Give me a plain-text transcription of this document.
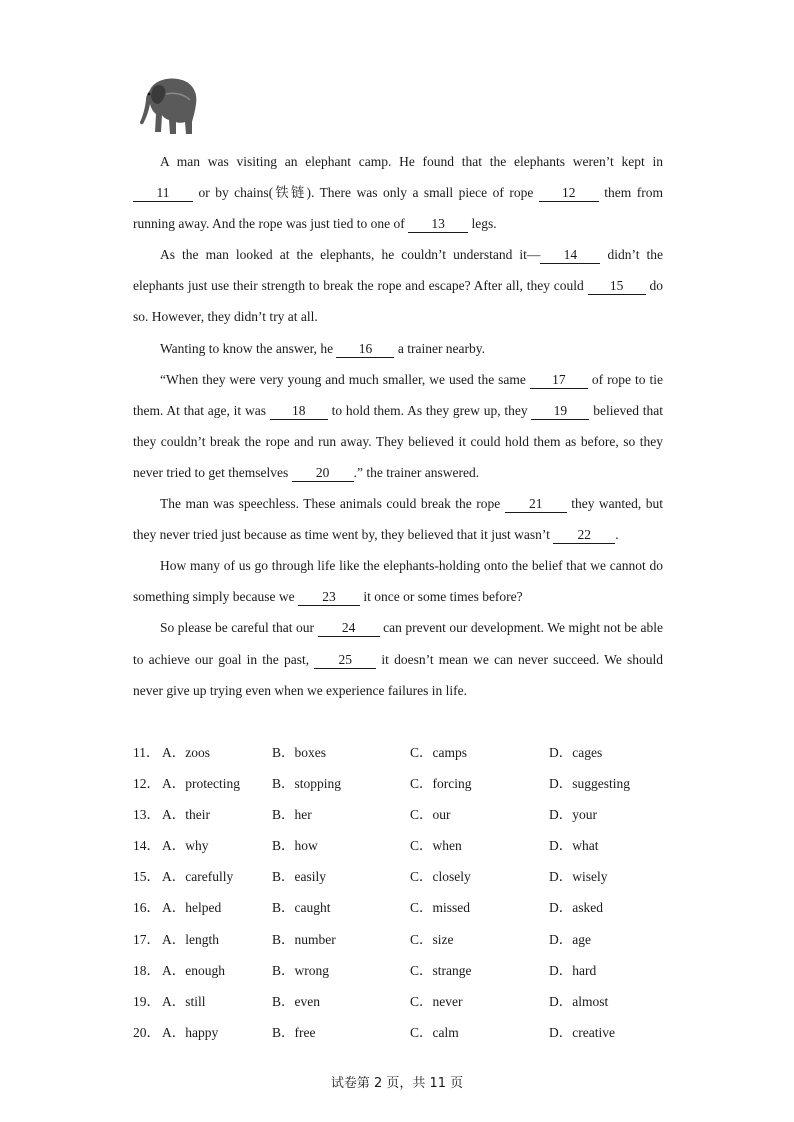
A man was visiting an elephant camp. He found that the elephants weren’t kept in 11 or by chains(铁链). There was only a small piece of rope 12 them from running away. And the rope was just tied to one of 13 legs.

As the man looked at the elephants, he couldn’t understand it— 14 didn’t the elephants just use their strength to break the rope and escape? After all, they could 15 do so. However, they didn’t try at all.

Wanting to know the answer, he 16 a trainer nearby.

“When they were very young and much smaller, we used the same 17 of rope to tie them. At that age, it was 18 to hold them. As they grew up, they 19 believed that they couldn’t break the rope and run away. They believed it could hold them as before, so they never tried to get themselves 20 .” the trainer answered.

The man was speechless. These animals could break the rope 21 they wanted, but they never tried just because as time went by, they believed that it just wasn’t 22 .

How many of us go through life like the elephants-holding onto the belief that we cannot do something simply because we 23 it once or some times before?

So please be careful that our 24 can prevent our development. We might not be able to achieve our goal in the past, 25 it doesn’t mean we can never succeed. We should never give up trying even when we experience failures in life.

11． A．zoos	B．boxes	C．camps	D．cages
12． A．protecting B．stopping	C．forcing	D．suggesting
13． A．their	B．her	C．our	D．your
14． A．why	B．how	C．when	D．what
15． A．carefully	B．easily	C．closely	D．wisely
16． A．helped	B．caught	C．missed	D．asked
17． A．length	B．number	C．size	D．age
18． A．enough	B．wrong	C．strange	D．hard
19． A．still	B．even	C．never	D．almost
20． A．happy	B．free	C．calm	D．creative
试卷第 2 页，共 11 页
